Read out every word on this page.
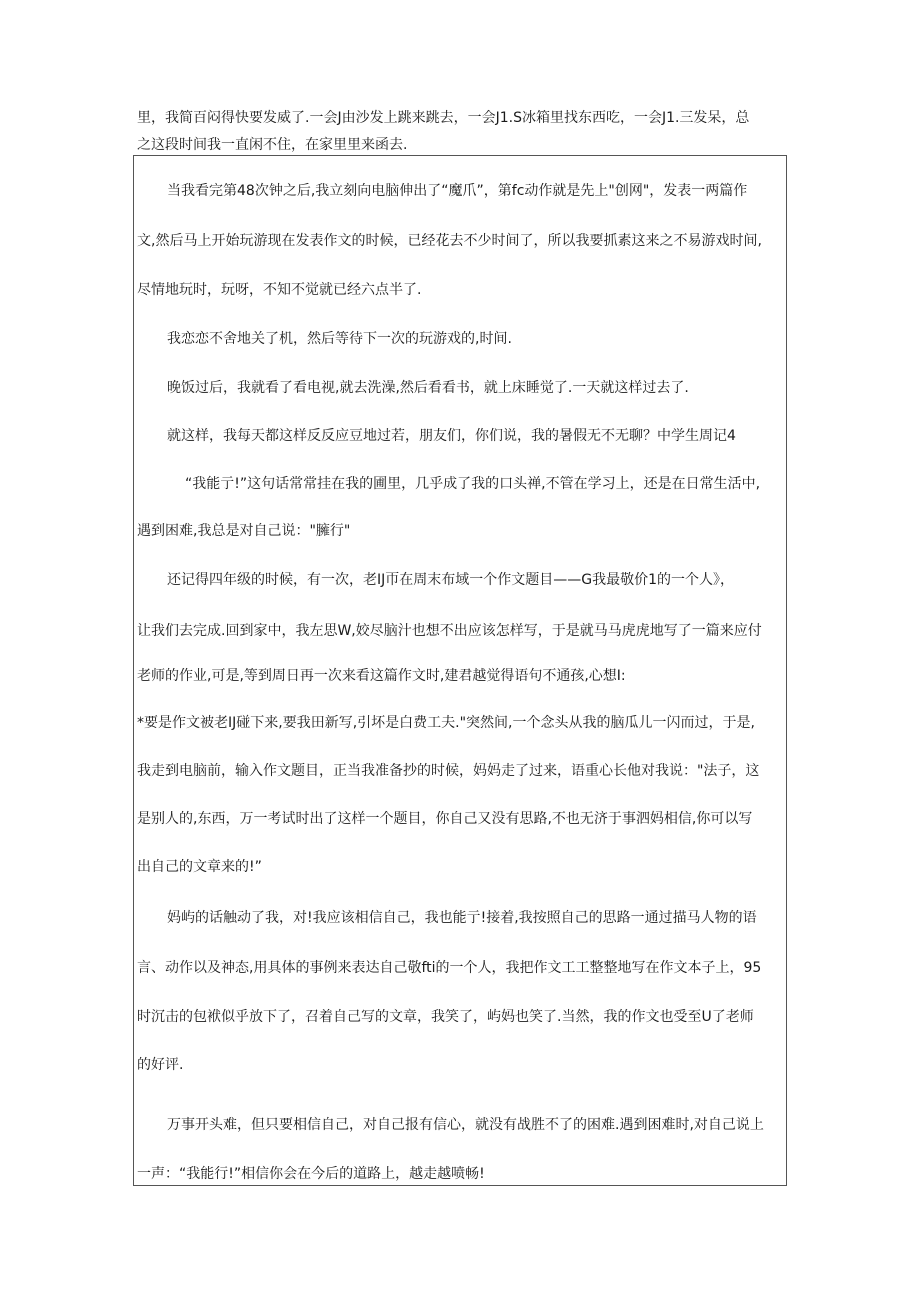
里，我简百闷得快要发威了.一会J由沙发上跳来跳去，一会J1.S冰箱里找东西吃，一会J1.三发呆，总
之这段时间我一直闲不住，在家里里来函去.
当我看完第48次钟之后,我立刻向电脑伸出了“魔爪”，第fc动作就是先上"创网"，发表一两篇作
文,然后马上开始玩游现在发表作文的时候，已经花去不少时间了，所以我要抓素这来之不易游戏时间,
尽情地玩时，玩呀，不知不觉就已经六点半了.
我恋恋不舍地关了机，然后等待下一次的玩游戏的,时间.
晚饭过后，我就看了看电视,就去洗澡,然后看看书，就上床睡觉了.一天就这样过去了.
就这样，我每天都这样反反应豆地过若，朋友们，你们说，我的暑假无不无聊？中学生周记4
“我能亍!”这句话常常挂在我的圃里，几乎成了我的口头禅,不管在学习上，还是在日常生活中,
遇到困难,我总是对自己说："臃行"
还记得四年级的时候，有一次，老IJ帀在周末布域一个作文题目——G我最敬价1的一个人》，
让我们去完成.回到家中，我左思W,姣尽脑汁也想不出应该怎样写，于是就马马虎虎地写了一篇来应付
老师的作业,可是,等到周日再一次来看这篇作文时,建君越觉得语句不通孩,心想I:
*要是作文被老IJ碰下来,要我田新写,引坏是白费工夫."突然间,一个念头从我的脑瓜儿一闪而过，于是,
我走到电脑前，输入作文题目，正当我准备抄的时候，妈妈走了过来，语重心长他对我说："法子，这
是别人的,东西，万一考试时出了这样一个题目，你自己又没有思路,不也无济于事泗妈相信,你可以写
出自己的文章来的!”
妈屿的话触动了我，对!我应该相信自己，我也能亍!接着,我按照自己的思路一通过描马人物的语
言、动作以及神态,用具体的事例来表达自己敬fti的一个人，我把作文工工整整地写在作文本子上，95
时沉击的包袱似乎放下了，召着自己写的文章，我笑了，屿妈也笑了.当然，我的作文也受至U了老师
的好评.
万事开头难，但只要相信自己，对自己报有信心，就没有战胜不了的困难.遇到困难时,对自己说上
一声：“我能行!”相信你会在今后的道路上，越走越喷畅!
